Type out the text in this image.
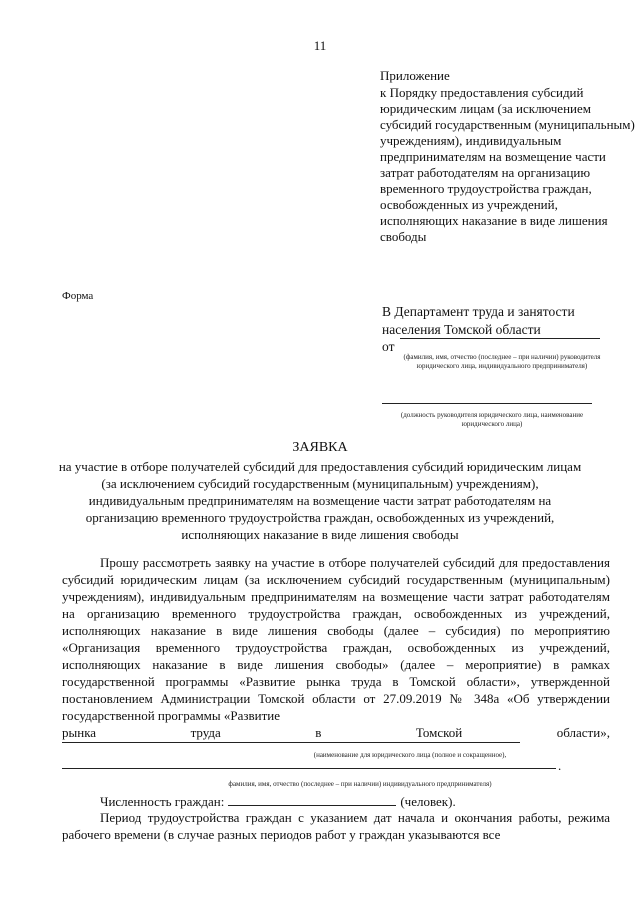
11
Приложение
к Порядку предоставления субсидий юридическим лицам (за исключением субсидий государственным (муниципальным) учреждениям), индивидуальным предпринимателям на возмещение части затрат работодателям на организацию временного трудоустройства граждан, освобожденных из учреждений, исполняющих наказание в виде лишения свободы
Форма
В Департамент труда и занятости населения Томской области
от
(фамилия, имя, отчество (последнее – при наличии) руководителя юридического лица, индивидуального предпринимателя)
(должность руководителя юридического лица, наименование юридического лица)
ЗАЯВКА
на участие в отборе получателей субсидий для предоставления субсидий юридическим лицам (за исключением субсидий государственным (муниципальным) учреждениям), индивидуальным предпринимателям на возмещение части затрат работодателям на организацию временного трудоустройства граждан, освобожденных из учреждений, исполняющих наказание в виде лишения свободы

Прошу рассмотреть заявку на участие в отборе получателей субсидий для предоставления субсидий юридическим лицам (за исключением субсидий государственным (муниципальным) учреждениям), индивидуальным предпринимателям на возмещение части затрат работодателям на организацию временного трудоустройства граждан, освобожденных из учреждений, исполняющих наказание в виде лишения свободы (далее – субсидия) по мероприятию «Организация временного трудоустройства граждан, освобожденных из учреждений, исполняющих наказание в виде лишения свободы» (далее – мероприятие) в рамках государственной программы «Развитие рынка труда в Томской области», утвержденной постановлением Администрации Томской области от 27.09.2019 № 348а «Об утверждении государственной программы «Развитие

рынка	труда	в	Томской	области»,
(наименование для юридического лица (полное и сокращенное),
.
фамилия, имя, отчество (последнее – при наличии) индивидуального предпринимателя)
Численность граждан:	(человек).

Период трудоустройства граждан с указанием дат начала и окончания работы, режима рабочего времени (в случае разных периодов работ у граждан указываются все
